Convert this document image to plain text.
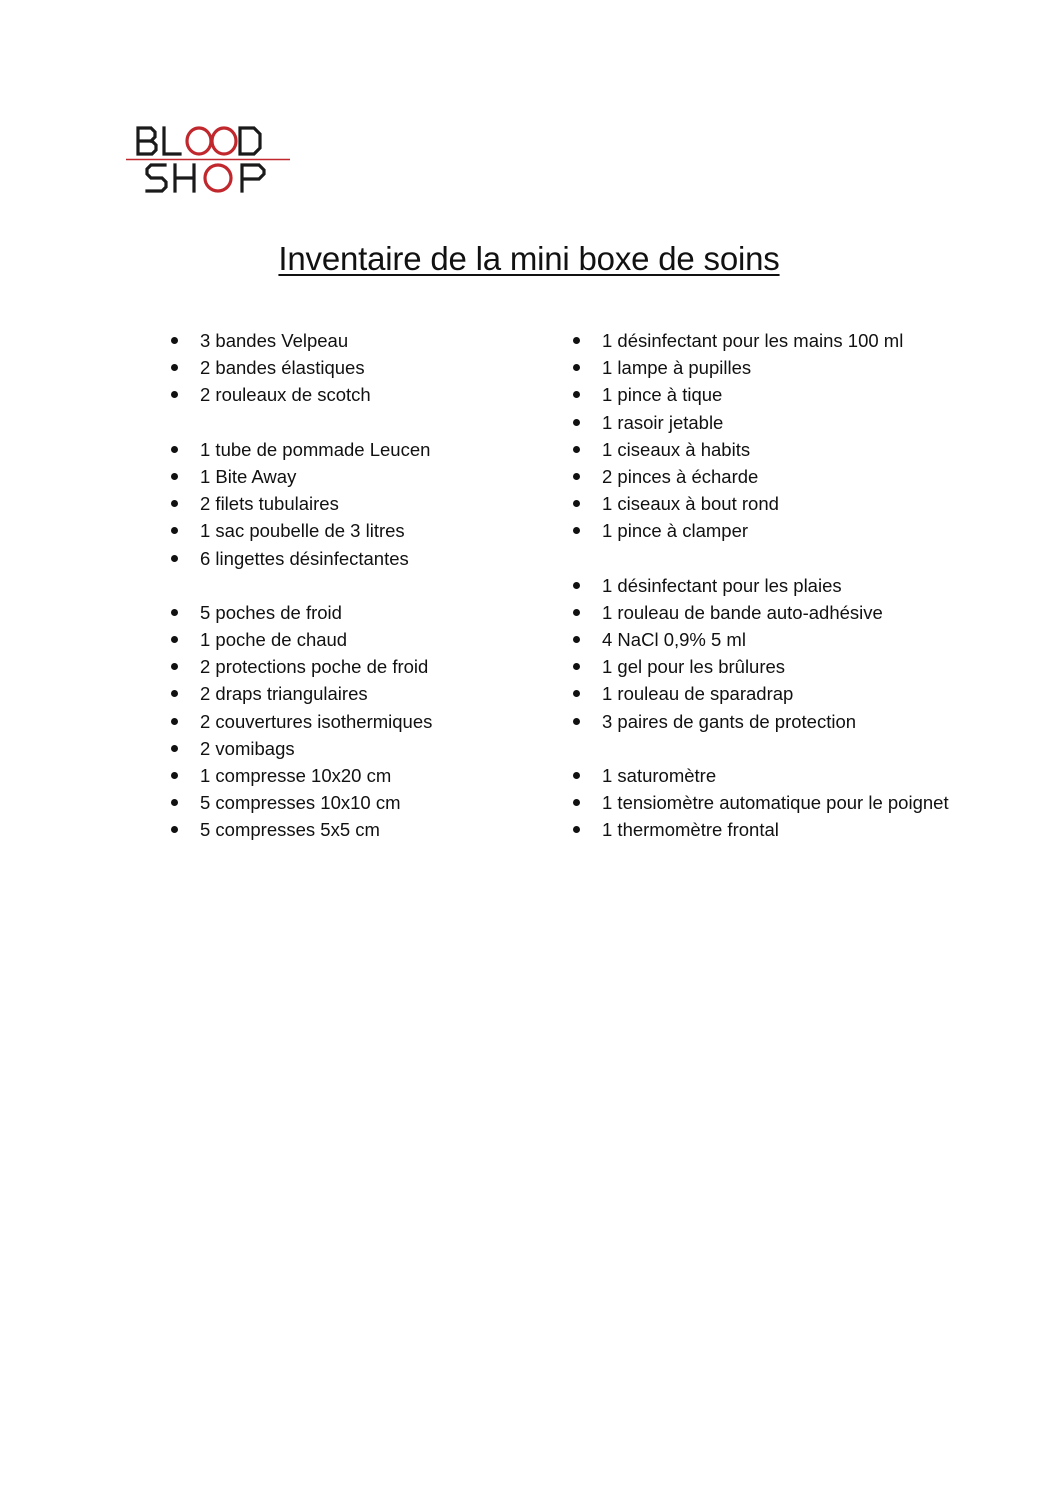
Inventaire de la mini boxe de soins
3 bandes Velpeau
2 bandes élastiques
2 rouleaux de scotch
1 tube de pommade Leucen
1 Bite Away
2 filets tubulaires
1 sac poubelle de 3 litres
6 lingettes désinfectantes
5 poches de froid
1 poche de chaud
2 protections poche de froid
2 draps triangulaires
2 couvertures isothermiques
2 vomibags
1 compresse 10x20 cm
5 compresses 10x10 cm
5 compresses 5x5 cm
1 désinfectant pour les mains 100 ml
1 lampe à pupilles
1 pince à tique
1 rasoir jetable
1 ciseaux à habits
2 pinces à écharde
1 ciseaux à bout rond
1 pince à clamper
1 désinfectant pour les plaies
1 rouleau de bande auto-adhésive
4 NaCl 0,9% 5 ml
1 gel pour les brûlures
1 rouleau de sparadrap
3 paires de gants de protection
1 saturomètre
1 tensiomètre automatique pour le poignet
1 thermomètre frontal
